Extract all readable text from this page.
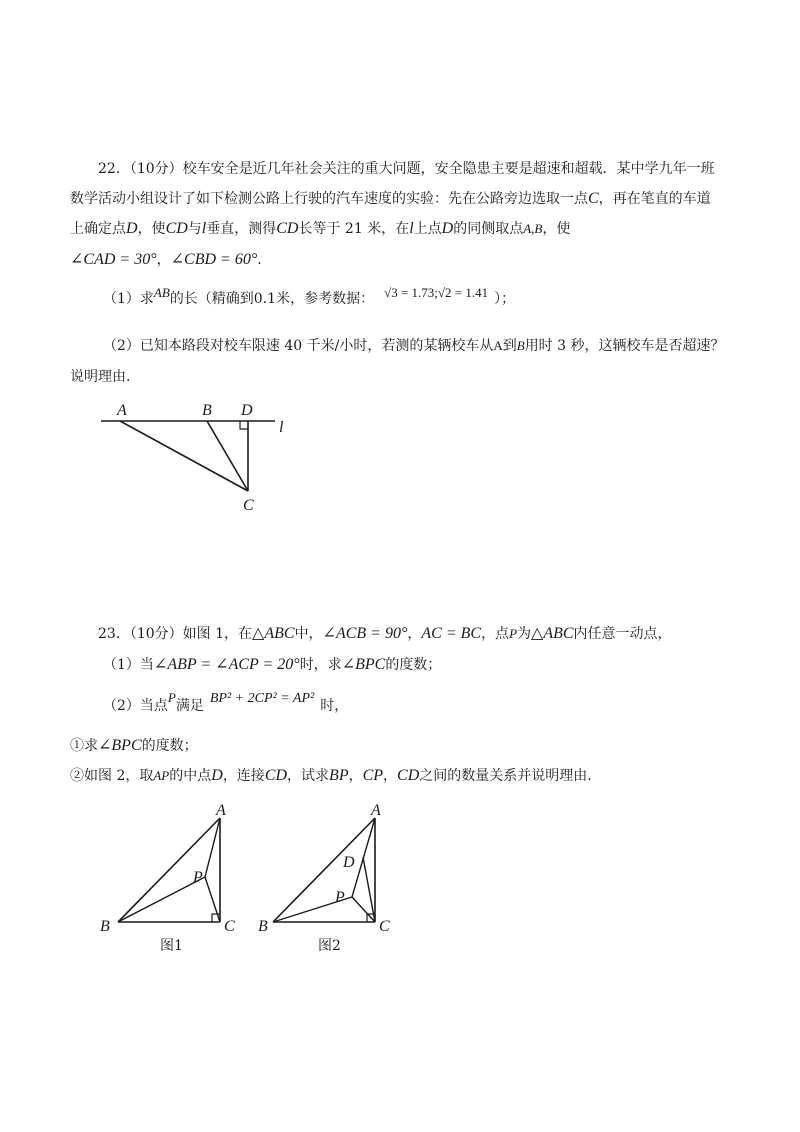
22．（10分）校车安全是近几年社会关注的重大问题，安全隐患主要是超速和超载．某中学九年一班
数学活动小组设计了如下检测公路上行驶的汽车速度的实验：先在公路旁边选取一点C，再在笔直的车道
上确定点D，使CD与l垂直，测得CD长等于 21 米，在l上点D的同侧取点A,B，使
∠CAD = 30°，∠CBD = 60°.
（1）求AB的长（精确到0.1米，参考数据： √3 = 1.73;√2 = 1.41 ）；
（2）已知本路段对校车限速 40 千米/小时，若测的某辆校车从A到B用时 3 秒，这辆校车是否超速？
说明理由.
A	B D
C
l
23．（10分）如图 1，在△ABC中，∠ACB = 90°，AC = BC，点P为△ABC内任意一动点，
（1）当∠ABP = ∠ACP = 20°时，求∠BPC的度数；
（2）当点P满足 BP² + 2CP² = AP² 时，
①求∠BPC的度数；
②如图 2，取AP的中点D，连接CD，试求BP，CP，CD之间的数量关系并说明理由.
A
P
B	C
图1
A
D
P
B	C
图2
